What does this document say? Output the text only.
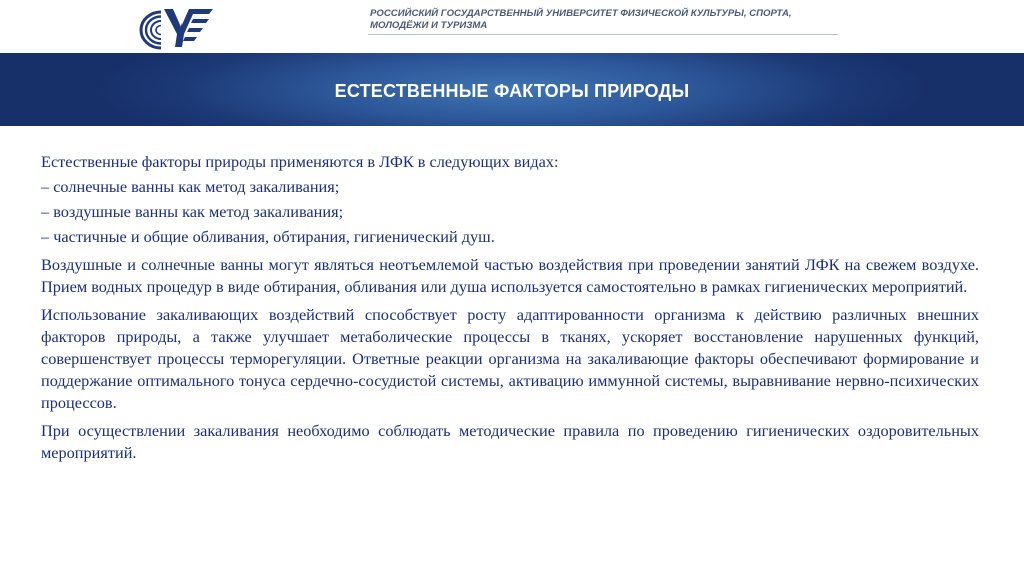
РОССИЙСКИЙ ГОСУДАРСТВЕННЫЙ УНИВЕРСИТЕТ ФИЗИЧЕСКОЙ КУЛЬТУРЫ, СПОРТА,
МОЛОДЁЖИ И ТУРИЗМА
ЕСТЕСТВЕННЫЕ ФАКТОРЫ ПРИРОДЫ

Естественные факторы природы применяются в ЛФК в следующих видах:

– солнечные ванны как метод закаливания;

– воздушные ванны как метод закаливания;

– частичные и общие обливания, обтирания, гигиенический душ.

Воздушные и солнечные ванны могут являться неотъемлемой частью воздействия при проведении занятий ЛФК на свежем воздухе. Прием водных процедур в виде обтирания, обливания или душа используется самостоятельно в рамках гигиенических мероприятий.

Использование закаливающих воздействий способствует росту адаптированности организма к действию различных внешних факторов природы, а также улучшает метаболические процессы в тканях, ускоряет восстановление нарушенных функций, совершенствует процессы терморегуляции. Ответные реакции организма на закаливающие факторы обеспечивают формирование и поддержание оптимального тонуса сердечно-сосудистой системы, активацию иммунной системы, выравнивание нервно-психических процессов.

При осуществлении закаливания необходимо соблюдать методические правила по проведению гигиенических оздоровительных мероприятий.
